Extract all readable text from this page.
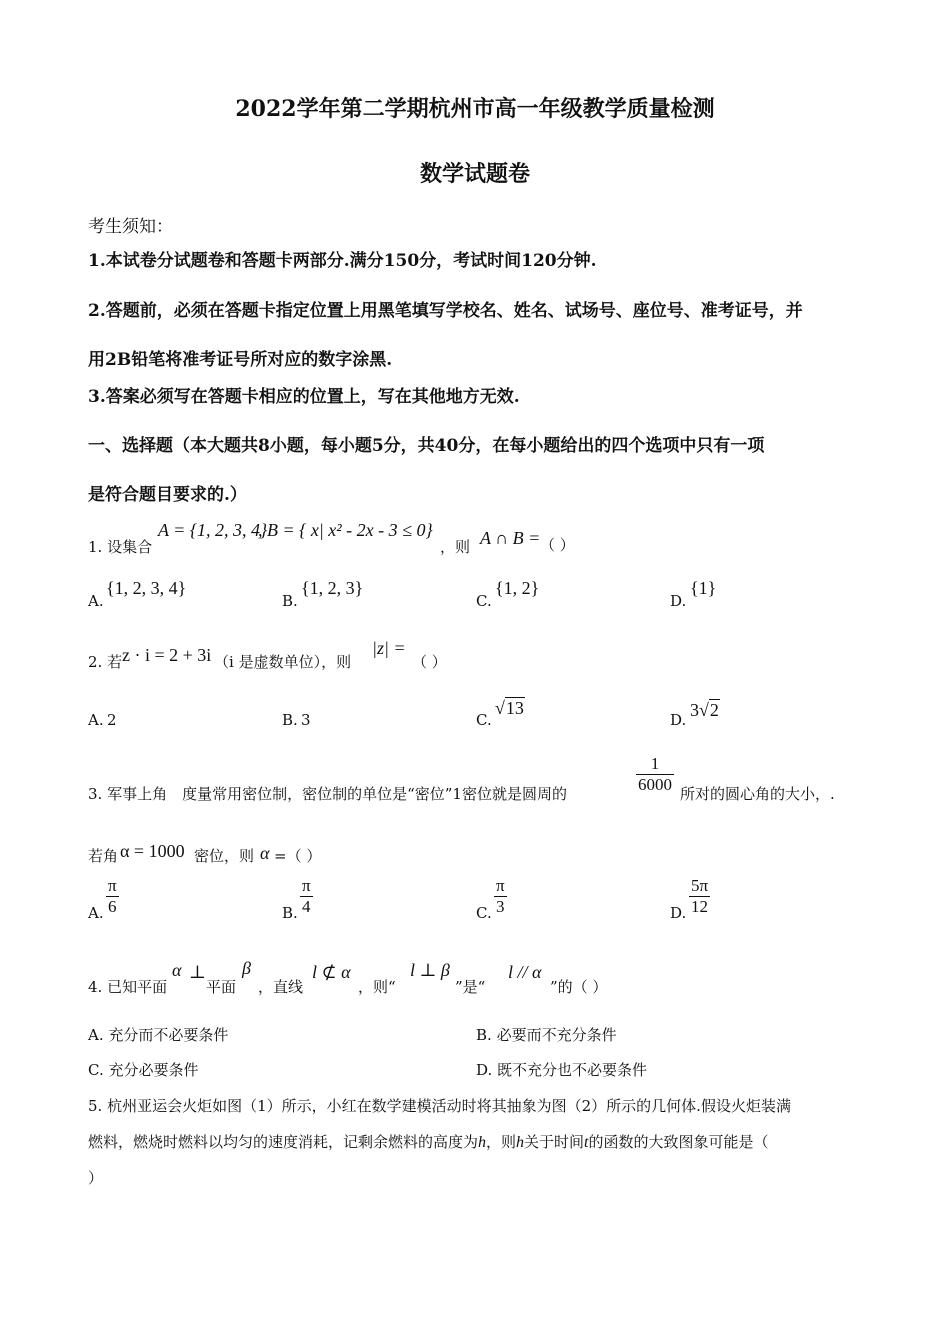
2022学年第二学期杭州市高一年级教学质量检测
数学试题卷
考生须知：
1.本试卷分试题卷和答题卡两部分.满分150分，考试时间120分钟.
2.答题前，必须在答题卡指定位置上用黑笔填写学校名、姓名、试场号、座位号、准考证号，并
用2B铅笔将准考证号所对应的数字涂黑.
3.答案必须写在答题卡相应的位置上，写在其他地方无效.
一、选择题（本大题共8小题，每小题5分，共40分，在每小题给出的四个选项中只有一项
是符合题目要求的.）
1. 设集合
A = {1, 2, 3, 4}
, B = { x| x² - 2x - 3 ≤ 0}
，则 A ∩ B = （ ）
A.
{1, 2, 3, 4}
B.
{1, 2, 3}
C.
{1, 2}
D.
{1}
2. 若 z · i = 2 + 3i （i 是虚数单位），则
|z| =
（ ）
A. 2	B. 3	C.
√13
D. 3√2
3. 军事上角　度量常用密位制，密位制的单位是“密位”1密位就是圆周的	$\frac{1}{6000}$ 所对的圆心角的大小，.
若角 α = 1000 密位，则 α =（ ）
A. $\frac{\pi}{6}$	B. $\frac{\pi}{4}$	C. $\frac{\pi}{3}$	D. $\frac{5\pi}{12}$
4. 已知平面
α ⊥
平面
β
，直线
l ⊄ α
，则“
l ⊥ β
”是“
l // α
”的（ ）
A. 充分而不必要条件	B. 必要而不充分条件
C. 充分必要条件	D. 既不充分也不必要条件
5. 杭州亚运会火炬如图（1）所示，小红在数学建模活动时将其抽象为图（2）所示的几何体.假设火炬装满
燃料，燃烧时燃料以均匀的速度消耗，记剩余燃料的高度为h，则h关于时间t的函数的大致图象可能是（
）
